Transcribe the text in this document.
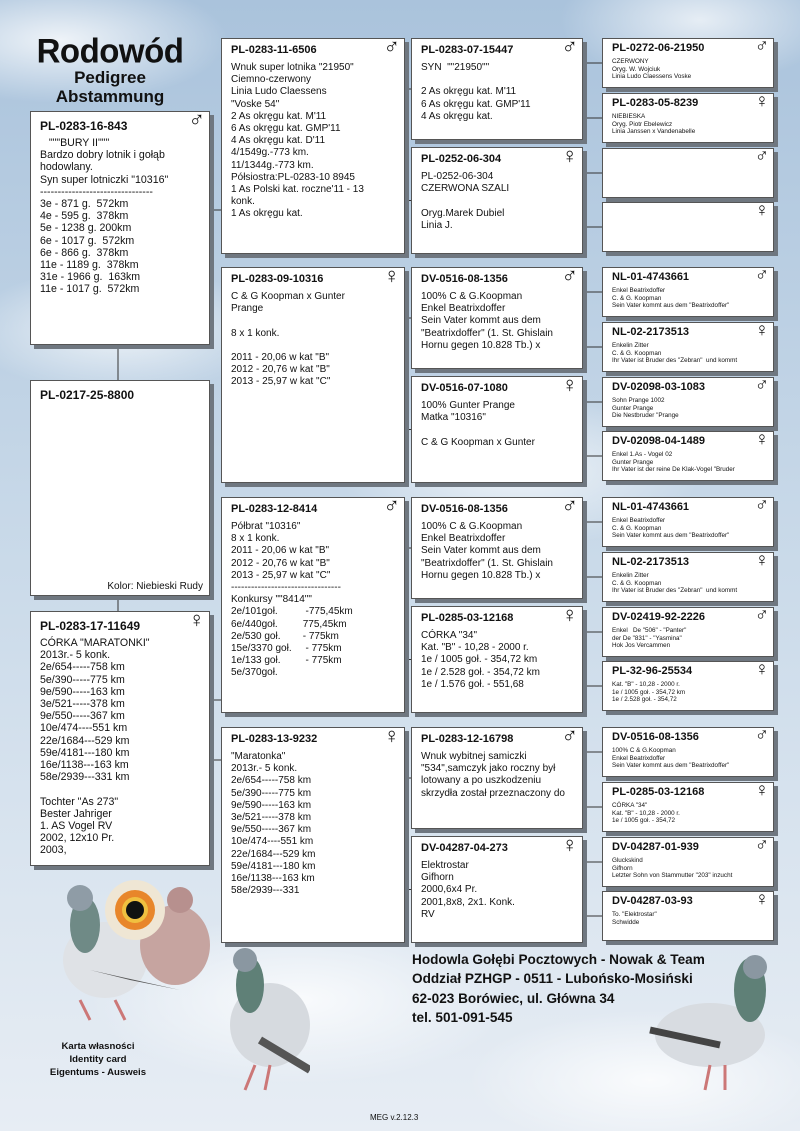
Rodowód
Pedigree
Abstammung
PL-0283-16-843	♂
"""BURY II"""
Bardzo dobry lotnik i gołąb
hodowlany.
Syn super lotniczki "10316"
--------------------------------
3e - 871 g.  572km
4e - 595 g.  378km
5e - 1238 g. 200km
6e - 1017 g.  572km
6e - 866 g.  378km
11e - 1189 g.  378km
31e - 1966 g.  163km
11e - 1017 g.  572km
PL-0217-25-8800
Kolor: Niebieski Rudy
PL-0283-17-11649 ♀
CÓRKA "MARATONKI"
2013r.- 5 konk.
2e/654-----758 km
5e/390-----775 km
9e/590-----163 km
3e/521-----378 km
9e/550-----367 km
10e/474----551 km
22e/1684---529 km
59e/4181---180 km
16e/1138---163 km
58e/2939---331 km

Tochter "As 273"
Bester Jahriger
1. AS Vogel RV
2002, 12x10 Pr.
2003,
PL-0283-11-6506	♂
Wnuk super lotnika "21950"
Ciemno-czerwony
Linia Ludo Claessens
"Voske 54"
2 As okręgu kat. M'11
6 As okręgu kat. GMP'11
4 As okręgu kat. D'11
4/1549g.-773 km.
11/1344g.-773 km.
Półsiostra:PL-0283-10 8945
1 As Polski kat. roczne'11 - 13
konk.
1 As okręgu kat.
PL-0283-09-10316	♀
C & G Koopman x Gunter
Prange

8 x 1 konk.

2011 - 20,06 w kat "B"
2012 - 20,76 w kat "B"
2013 - 25,97 w kat "C"
PL-0283-12-8414	♂
Półbrat "10316"
8 x 1 konk.
2011 - 20,06 w kat "B"
2012 - 20,76 w kat "B"
2013 - 25,97 w kat "C"
---------------------------------
Konkursy ""8414""
2e/101goł.          -775,45km
6e/440goł.         775,45km
2e/530 goł.        - 775km
15e/3370 goł.     - 775km
1e/133 goł.         - 775km
5e/370goł.
PL-0283-13-9232	♀
"Maratonka"
2013r.- 5 konk.
2e/654-----758 km
5e/390-----775 km
9e/590-----163 km
3e/521-----378 km
9e/550-----367 km
10e/474----551 km
22e/1684---529 km
59e/4181---180 km
16e/1138---163 km
58e/2939---331
PL-0283-07-15447 ♂
SYN  ""21950""

2 As okręgu kat. M'11
6 As okręgu kat. GMP'11
4 As okręgu kat.
PL-0252-06-304	♀
PL-0252-06-304
CZERWONA SZALI

Oryg.Marek Dubiel
Linia J.
DV-0516-08-1356 ♂
100% C & G.Koopman
Enkel Beatrixdoffer
Sein Vater kommt aus dem
"Beatrixdoffer" (1. St. Ghislain
Hornu gegen 10.828 Tb.) x
DV-0516-07-1080 ♀
100% Gunter Prange
Matka "10316"

C & G Koopman x Gunter
DV-0516-08-1356 ♂
100% C & G.Koopman
Enkel Beatrixdoffer
Sein Vater kommt aus dem
"Beatrixdoffer" (1. St. Ghislain
Hornu gegen 10.828 Tb.) x
PL-0285-03-12168 ♀
CÓRKA "34"
Kat. "B" - 10,28 - 2000 r.
1e / 1005 goł. - 354,72 km
1e / 2.528 goł. - 354,72 km
1e / 1.576 goł. - 551,68
PL-0283-12-16798 ♂
Wnuk wybitnej samiczki
"534",samczyk jako roczny był
lotowany a po uszkodzeniu
skrzydła został przeznaczony do
DV-04287-04-273 ♀
Elektrostar
Gifhorn
2000,6x4 Pr.
2001,8x8, 2x1. Konk.
RV
PL-0272-06-21950	♂
CZERWONY
Oryg. W. Wojciuk
Linia Ludo Claessens Voske
PL-0283-05-8239	♀
NIEBIESKA
Oryg. Piotr Ebelewicz
Linia Janssen x Vandenabelle
♂
♀
NL-01-4743661	♂
Enkel Beatrixdoffer
C. & G. Koopman
Sein Vater kommt aus dem "Beatrixdoffer"
NL-02-2173513	♀
Enkelin Zitter
C. & G. Koopman
Ihr Vater ist Bruder des "Zebran"  und kommt
DV-02098-03-1083	♂
Sohn Prange 1002
Gunter Prange
Die Nestbruder "Prange
DV-02098-04-1489	♀
Enkel 1.As - Vogel 02
Gunter Prange
Ihr Vater ist der reine De Klak-Vogel "Bruder
NL-01-4743661	♂
Enkel Beatrixdoffer
C. & G. Koopman
Sein Vater kommt aus dem "Beatrixdoffer"
NL-02-2173513	♀
Enkelin Zitter
C. & G. Koopman
Ihr Vater ist Bruder des "Zebran"  und kommt
DV-02419-92-2226	♂
Enkel   De "506" - "Panter"
der De "831" - "Yasmina"
Hok Jos Vercammen
PL-32-96-25534	♀
Kat. "B" - 10,28 - 2000 r.
1e / 1005 goł. - 354,72 km
1e / 2.528 goł. - 354,72
DV-0516-08-1356	♂
100% C & G.Koopman
Enkel Beatrixdoffer
Sein Vater kommt aus dem "Beatrixdoffer"
PL-0285-03-12168	♀
CÓRKA "34"
Kat. "B" - 10,28 - 2000 r.
1e / 1005 goł. - 354,72
DV-04287-01-939	♂
Gluckskind
Gifhorn
Letzter Sohn von Stammutter "203" inzucht
DV-04287-03-93	♀
To. "Elektrostar"
Schwidde
Karta własności
Identity card
Eigentums - Ausweis
Hodowla Gołębi Pocztowych - Nowak & Team
Oddział PZHGP - 0511 - Lubońsko-Mosiński
62-023 Borówiec, ul. Główna 34
tel. 501-091-545
MEG v.2.12.3
